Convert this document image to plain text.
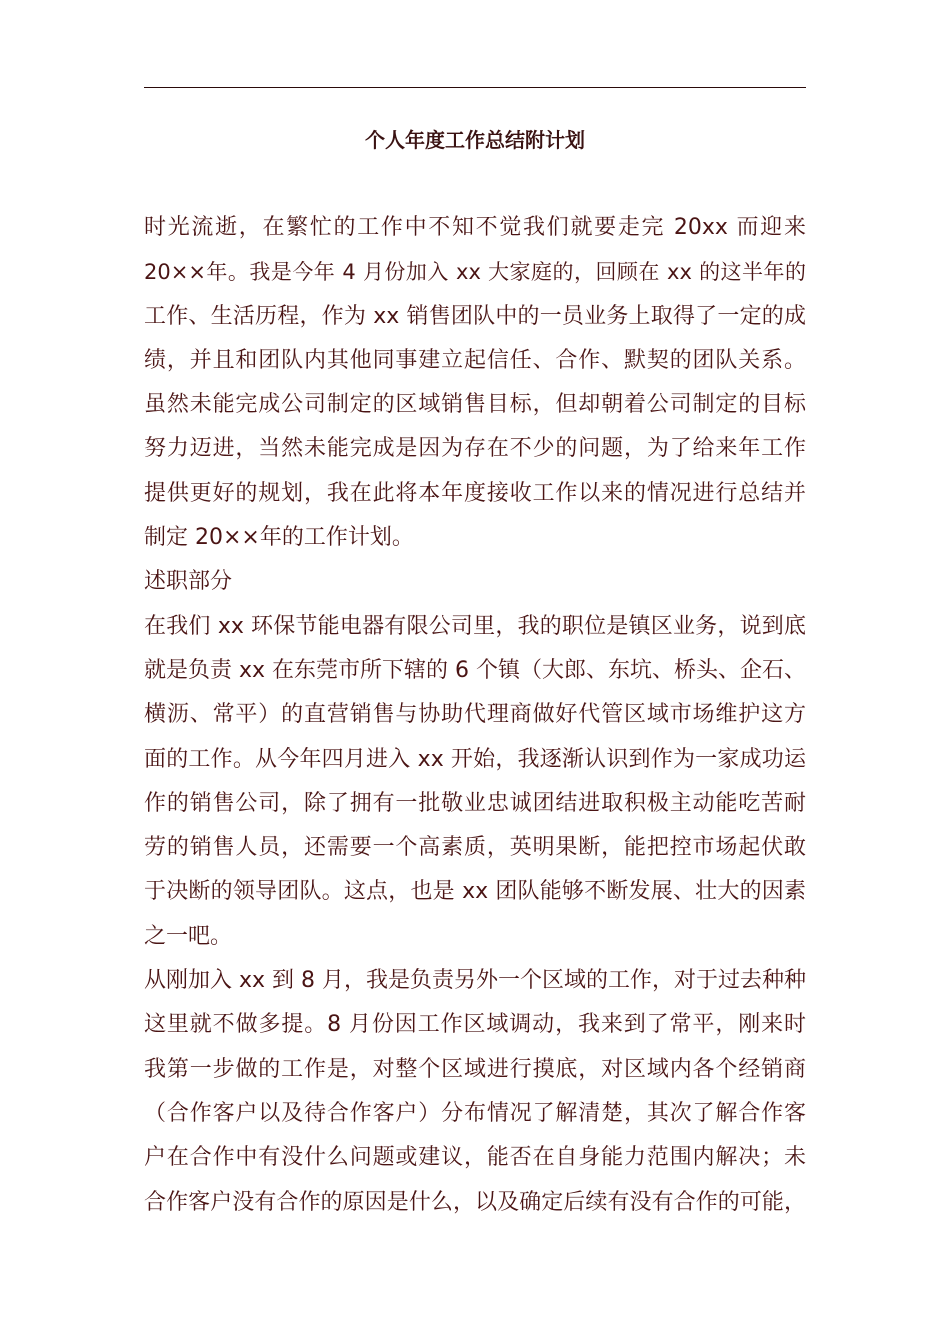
个人年度工作总结附计划
时光流逝，在繁忙的工作中不知不觉我们就要走完 20xx 而迎来
20××年。我是今年 4 月份加入 xx 大家庭的，回顾在 xx 的这半年的
工作、生活历程，作为 xx 销售团队中的一员业务上取得了一定的成
绩，并且和团队内其他同事建立起信任、合作、默契的团队关系。
虽然未能完成公司制定的区域销售目标，但却朝着公司制定的目标
努力迈进，当然未能完成是因为存在不少的问题，为了给来年工作
提供更好的规划，我在此将本年度接收工作以来的情况进行总结并
制定 20××年的工作计划。
述职部分
在我们 xx 环保节能电器有限公司里，我的职位是镇区业务，说到底
就是负责 xx 在东莞市所下辖的 6 个镇（大郎、东坑、桥头、企石、
横沥、常平）的直营销售与协助代理商做好代管区域市场维护这方
面的工作。从今年四月进入 xx 开始，我逐渐认识到作为一家成功运
作的销售公司，除了拥有一批敬业忠诚团结进取积极主动能吃苦耐
劳的销售人员，还需要一个高素质，英明果断，能把控市场起伏敢
于决断的领导团队。这点，也是 xx 团队能够不断发展、壮大的因素
之一吧。
从刚加入 xx 到 8 月，我是负责另外一个区域的工作，对于过去种种
这里就不做多提。8 月份因工作区域调动，我来到了常平，刚来时
我第一步做的工作是，对整个区域进行摸底，对区域内各个经销商
（合作客户以及待合作客户）分布情况了解清楚，其次了解合作客
户在合作中有没什么问题或建议，能否在自身能力范围内解决；未
合作客户没有合作的原因是什么，以及确定后续有没有合作的可能，
